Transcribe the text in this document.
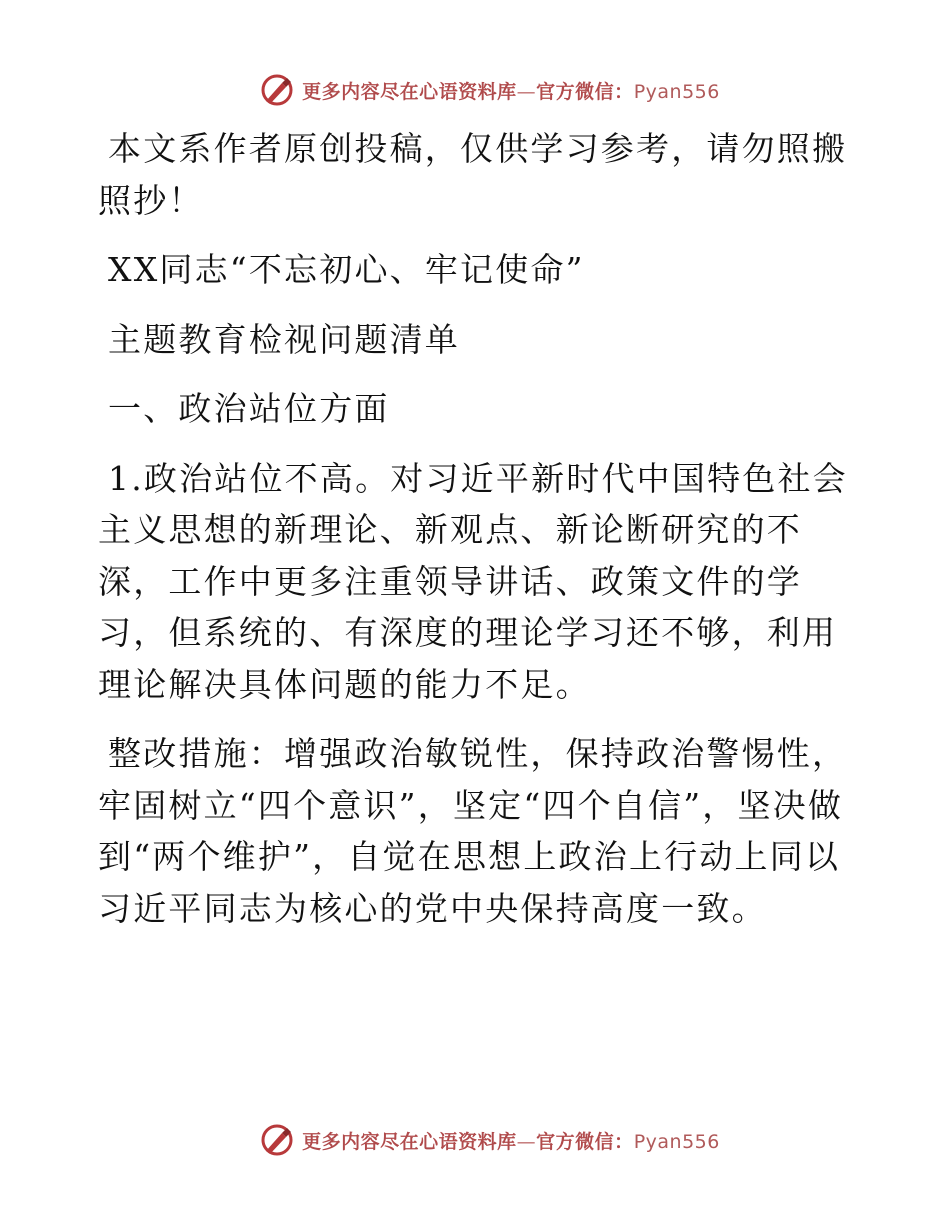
更多内容尽在心语资料库—官方微信：Pyan556

本文系作者原创投稿，仅供学习参考，请勿照搬照抄！

XX同志“不忘初心、牢记使命”

主题教育检视问题清单

一、政治站位方面

1.政治站位不高。对习近平新时代中国特色社会主义思想的新理论、新观点、新论断研究的不深，工作中更多注重领导讲话、政策文件的学习，但系统的、有深度的理论学习还不够，利用理论解决具体问题的能力不足。

整改措施：增强政治敏锐性，保持政治警惕性，牢固树立“四个意识”，坚定“四个自信”，坚决做到“两个维护”，自觉在思想上政治上行动上同以习近平同志为核心的党中央保持高度一致。

更多内容尽在心语资料库—官方微信：Pyan556
